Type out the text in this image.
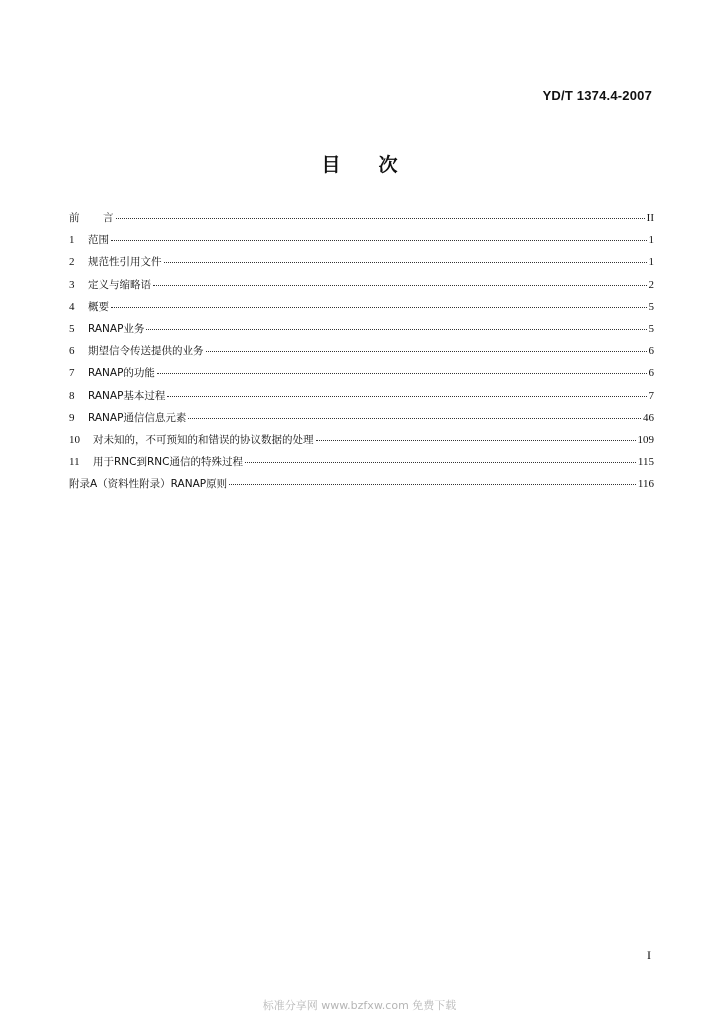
YD/T 1374.4-2007
目 次
前	言	II
1	范围	1
2	规范性引用文件	1
3	定义与缩略语	2
4	概要	5
5	RANAP业务	5
6	期望信令传送提供的业务	6
7	RANAP的功能	6
8	RANAP基本过程	7
9	RANAP通信信息元素	46
10	对未知的，不可预知的和错误的协议数据的处理	109
11	用于RNC到RNC通信的特殊过程	115
附录A（资料性附录）RANAP原则	116
I
标准分享网 www.bzfxw.com 免费下载
